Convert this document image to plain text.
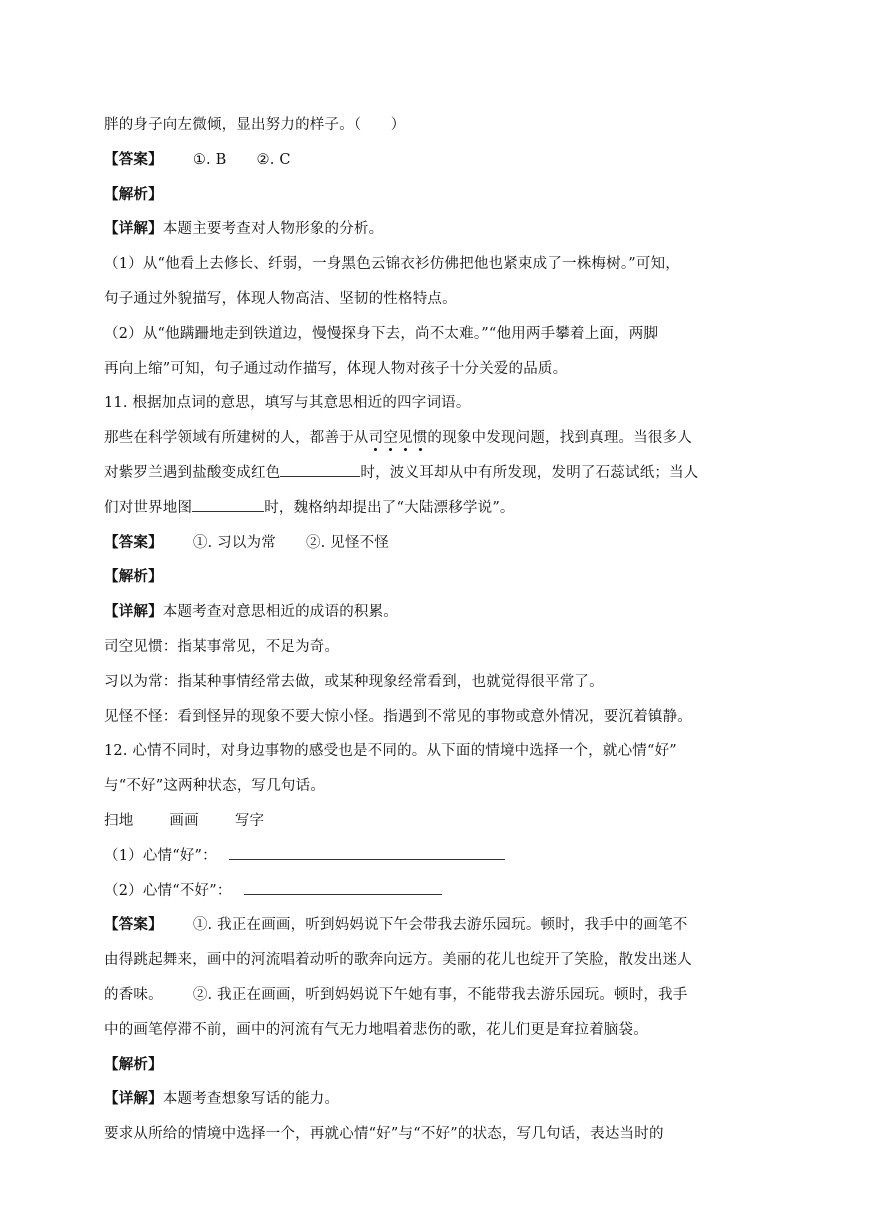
胖的身子向左微倾，显出努力的样子。（　　）
【答案】 ①. B ②. C
【解析】
【详解】本题主要考查对人物形象的分析。
（1）从“他看上去修长、纤弱，一身黑色云锦衣衫仿佛把他也紧束成了一株梅树。”可知，
句子通过外貌描写，体现人物高洁、坚韧的性格特点。
（2）从“他蹒跚地走到铁道边，慢慢探身下去，尚不太难。”“他用两手攀着上面，两脚
再向上缩”可知，句子通过动作描写，体现人物对孩子十分关爱的品质。
11. 根据加点词的意思，填写与其意思相近的四字词语。
那些在科学领域有所建树的人，都善于从司空见惯的现象中发现问题，找到真理。当很多人
对紫罗兰遇到盐酸变成红色	时，波义耳却从中有所发现，发明了石蕊试纸；当人
们对世界地图	时，魏格纳却提出了“大陆漂移学说”。
【答案】 ①. 习以为常 ②. 见怪不怪
【解析】
【详解】本题考查对意思相近的成语的积累。
司空见惯：指某事常见，不足为奇。
习以为常：指某种事情经常去做，或某种现象经常看到，也就觉得很平常了。
见怪不怪：看到怪异的现象不要大惊小怪。指遇到不常见的事物或意外情况，要沉着镇静。
12. 心情不同时，对身边事物的感受也是不同的。从下面的情境中选择一个，就心情“好”
与“不好”这两种状态，写几句话。
扫地 画画 写字
（1）心情“好”：
（2）心情“不好”：
【答案】 ①. 我正在画画，听到妈妈说下午会带我去游乐园玩。顿时，我手中的画笔不
由得跳起舞来，画中的河流唱着动听的歌奔向远方。美丽的花儿也绽开了笑脸，散发出迷人
的香味。 ②. 我正在画画，听到妈妈说下午她有事，不能带我去游乐园玩。顿时，我手
中的画笔停滞不前，画中的河流有气无力地唱着悲伤的歌，花儿们更是耷拉着脑袋。
【解析】
【详解】本题考查想象写话的能力。
要求从所给的情境中选择一个，再就心情“好”与“不好”的状态，写几句话，表达当时的
